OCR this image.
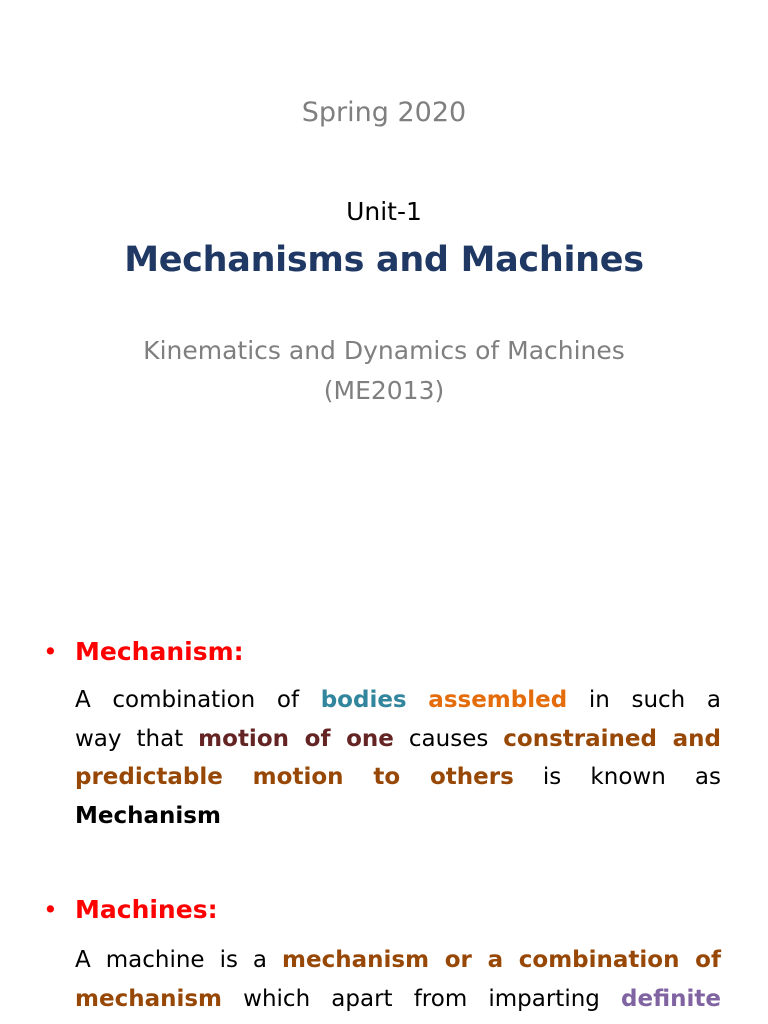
Spring 2020
Unit-1
Mechanisms and Machines
Kinematics and Dynamics of Machines
(ME2013)
• Mechanism:
A combination of bodies assembled in such a
way that motion of one causes constrained and
predictable motion to others is known as
Mechanism
• Machines:
A machine is a mechanism or a combination of
mechanism which apart from imparting definite
